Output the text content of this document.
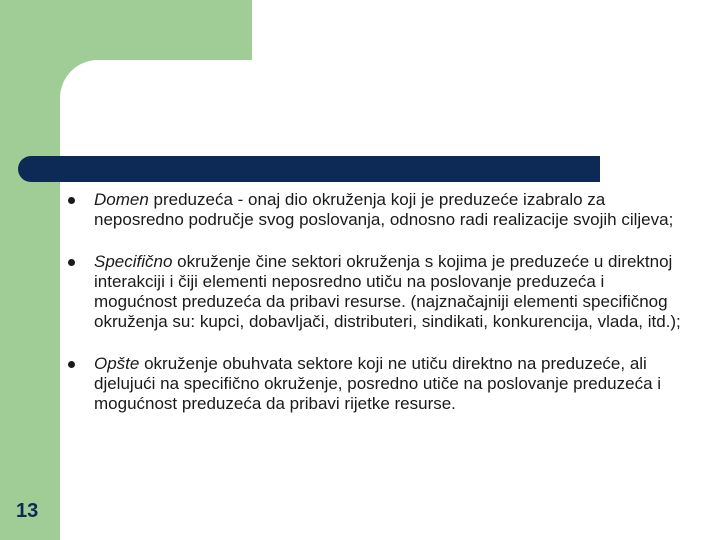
Domen preduzeća - onaj dio okruženja koji je preduzeće izabralo za neposredno područje svog poslovanja, odnosno radi realizacije svojih ciljeva;
Specifično okruženje čine sektori okruženja s kojima je preduzeće u direktnoj interakciji i čiji elementi neposredno utiču na poslovanje preduzeća i mogućnost preduzeća da pribavi resurse. (najznačajniji elementi specifičnog okruženja su: kupci, dobavljači, distributeri, sindikati, konkurencija, vlada, itd.);
Opšte okruženje obuhvata sektore koji ne utiču direktno na preduzeće, ali djelujući na specifično okruženje, posredno utiče na poslovanje preduzeća i mogućnost preduzeća da pribavi rijetke resurse.
13
